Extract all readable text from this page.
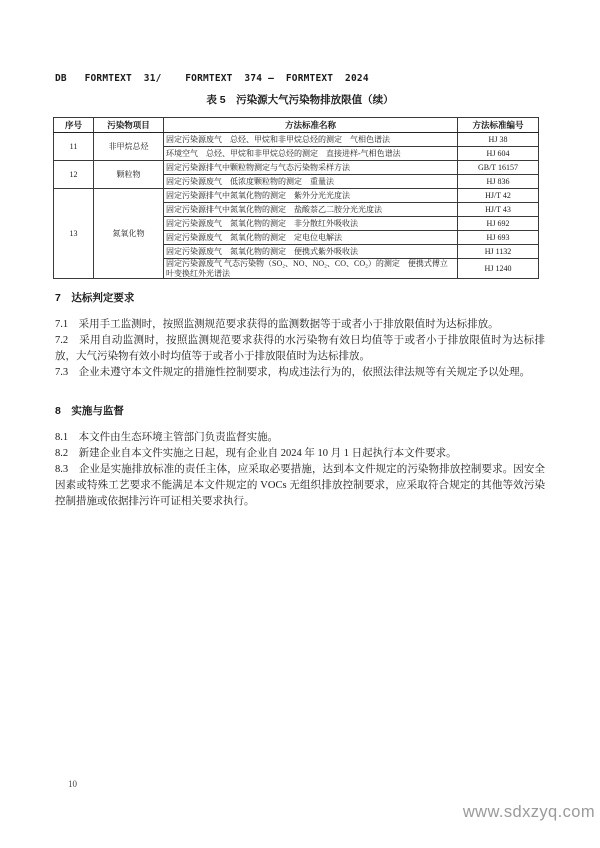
DB   FORMTEXT  31/    FORMTEXT  374 —  FORMTEXT  2024
表 5　污染源大气污染物排放限值（续）
序号	污染物项目	方法标准名称	方法标准编号
11	非甲烷总烃	固定污染源废气　总烃、甲烷和非甲烷总烃的测定　气相色谱法	HJ 38
		环境空气　总烃、甲烷和非甲烷总烃的测定　直接进样-气相色谱法	HJ 604
12	颗粒物	固定污染源排气中颗粒物测定与气态污染物采样方法	GB/T 16157
		固定污染源废气　低浓度颗粒物的测定　重量法	HJ 836
13	氮氧化物	固定污染源排气中氮氧化物的测定　紫外分光光度法	HJ/T 42
		固定污染源排气中氮氧化物的测定　盐酸萘乙二胺分光光度法	HJ/T 43
		固定污染源废气　氮氧化物的测定　非分散红外吸收法	HJ 692
		固定污染源废气　氮氧化物的测定　定电位电解法	HJ 693
		固定污染源废气　氮氧化物的测定　便携式紫外吸收法	HJ 1132
		固定污染源废气 气态污染物（SO₂、NO、NO₂、CO、CO₂）的测定　便携式傅立叶变换红外光谱法	HJ 1240
7　达标判定要求

7.1　采用手工监测时，按照监测规范要求获得的监测数据等于或者小于排放限值时为达标排放。

7.2　采用自动监测时，按照监测规范要求获得的水污染物有效日均值等于或者小于排放限值时为达标排放，大气污染物有效小时均值等于或者小于排放限值时为达标排放。

7.3　企业未遵守本文件规定的措施性控制要求，构成违法行为的，依照法律法规等有关规定予以处理。

8　实施与监督

8.1　本文件由生态环境主管部门负责监督实施。

8.2　新建企业自本文件实施之日起，现有企业自 2024 年 10 月 1 日起执行本文件要求。

8.3　企业是实施排放标准的责任主体，应采取必要措施，达到本文件规定的污染物排放控制要求。因安全因素或特殊工艺要求不能满足本文件规定的 VOCs 无组织排放控制要求，应采取符合规定的其他等效污染控制措施或依据排污许可证相关要求执行。

10
www.sdxzyq.com
